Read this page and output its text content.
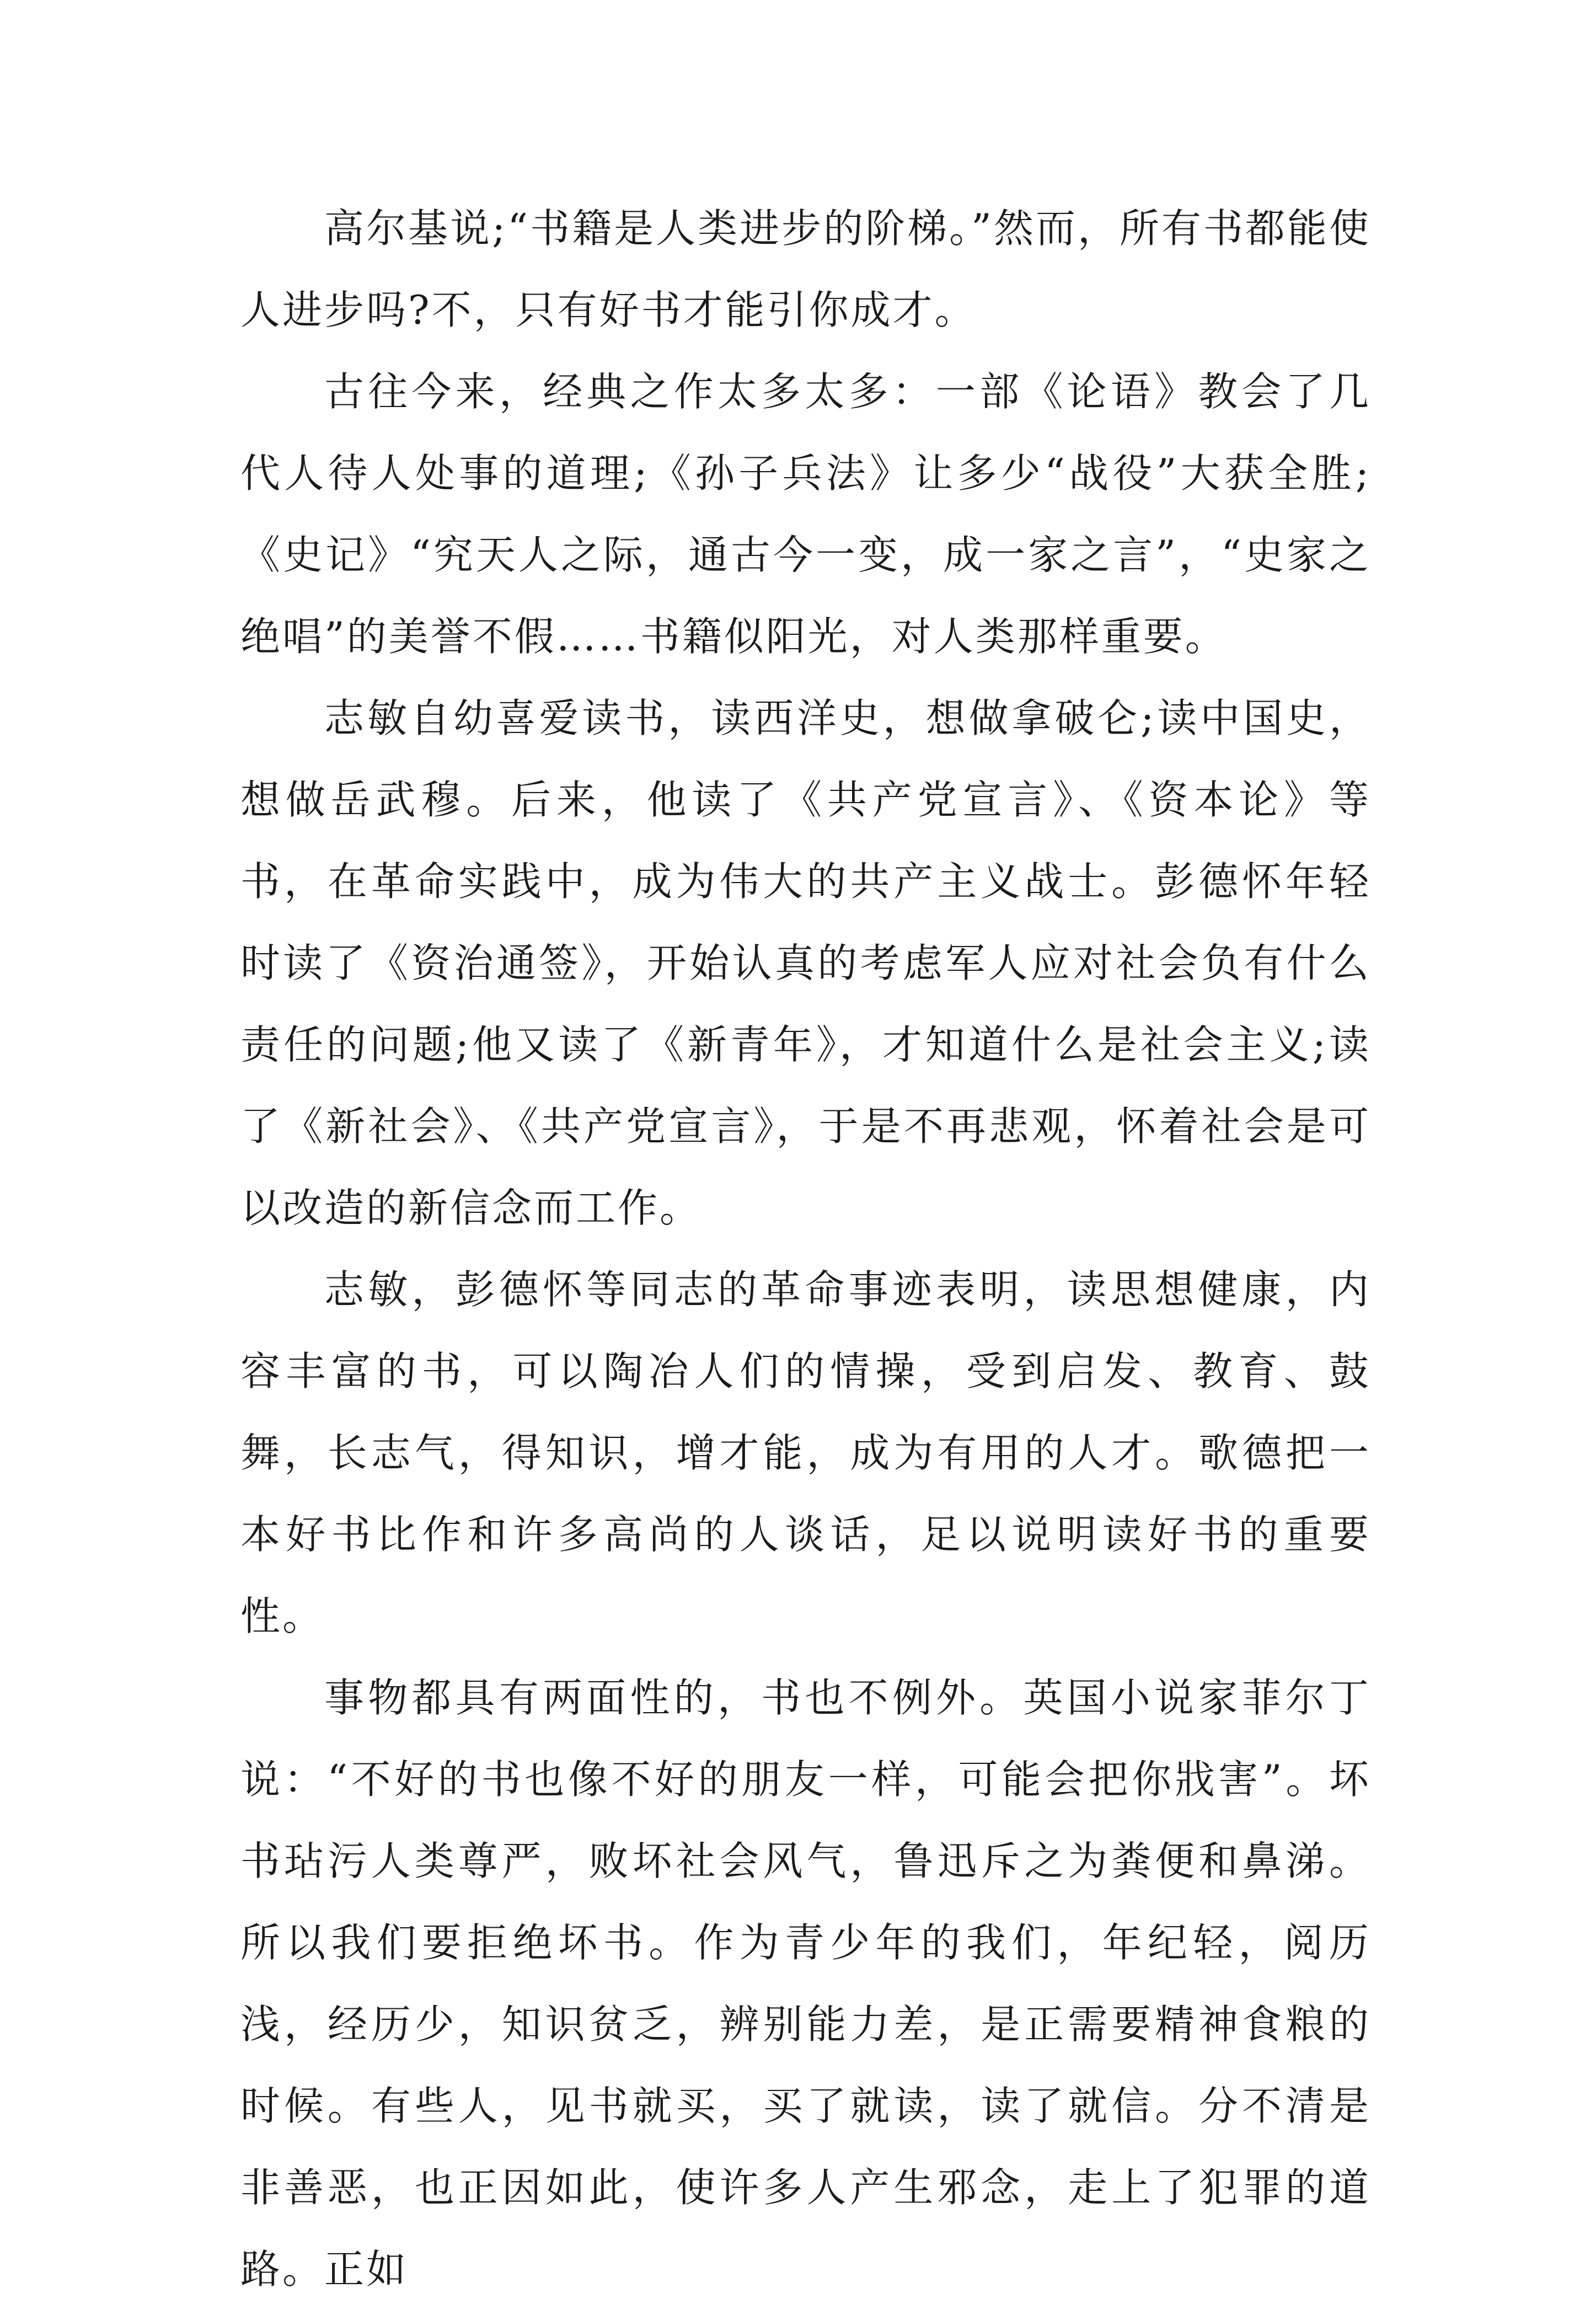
高尔基说;“书籍是人类进步的阶梯。”然而，所有书都能使人进步吗?不，只有好书才能引你成才。

古往今来，经典之作太多太多：一部《论语》教会了几代人待人处事的道理;《孙子兵法》让多少“战役”大获全胜;《史记》“究天人之际，通古今一变，成一家之言”，“史家之绝唱”的美誉不假……书籍似阳光，对人类那样重要。

志敏自幼喜爱读书，读西洋史，想做拿破仑;读中国史，想做岳武穆。后来，他读了《共产党宣言》、《资本论》等书，在革命实践中，成为伟大的共产主义战士。彭德怀年轻时读了《资治通签》，开始认真的考虑军人应对社会负有什么责任的问题;他又读了《新青年》，才知道什么是社会主义;读了《新社会》、《共产党宣言》，于是不再悲观，怀着社会是可以改造的新信念而工作。

志敏，彭德怀等同志的革命事迹表明，读思想健康，内容丰富的书，可以陶冶人们的情操，受到启发、教育、鼓舞，长志气，得知识，增才能，成为有用的人才。歌德把一本好书比作和许多高尚的人谈话，足以说明读好书的重要性。

事物都具有两面性的，书也不例外。英国小说家菲尔丁说：“不好的书也像不好的朋友一样，可能会把你戕害”。坏书玷污人类尊严，败坏社会风气，鲁迅斥之为粪便和鼻涕。所以我们要拒绝坏书。作为青少年的我们，年纪轻，阅历浅，经历少，知识贫乏，辨别能力差，是正需要精神食粮的时候。有些人，见书就买，买了就读，读了就信。分不清是非善恶，也正因如此，使许多人产生邪念，走上了犯罪的道路。正如
